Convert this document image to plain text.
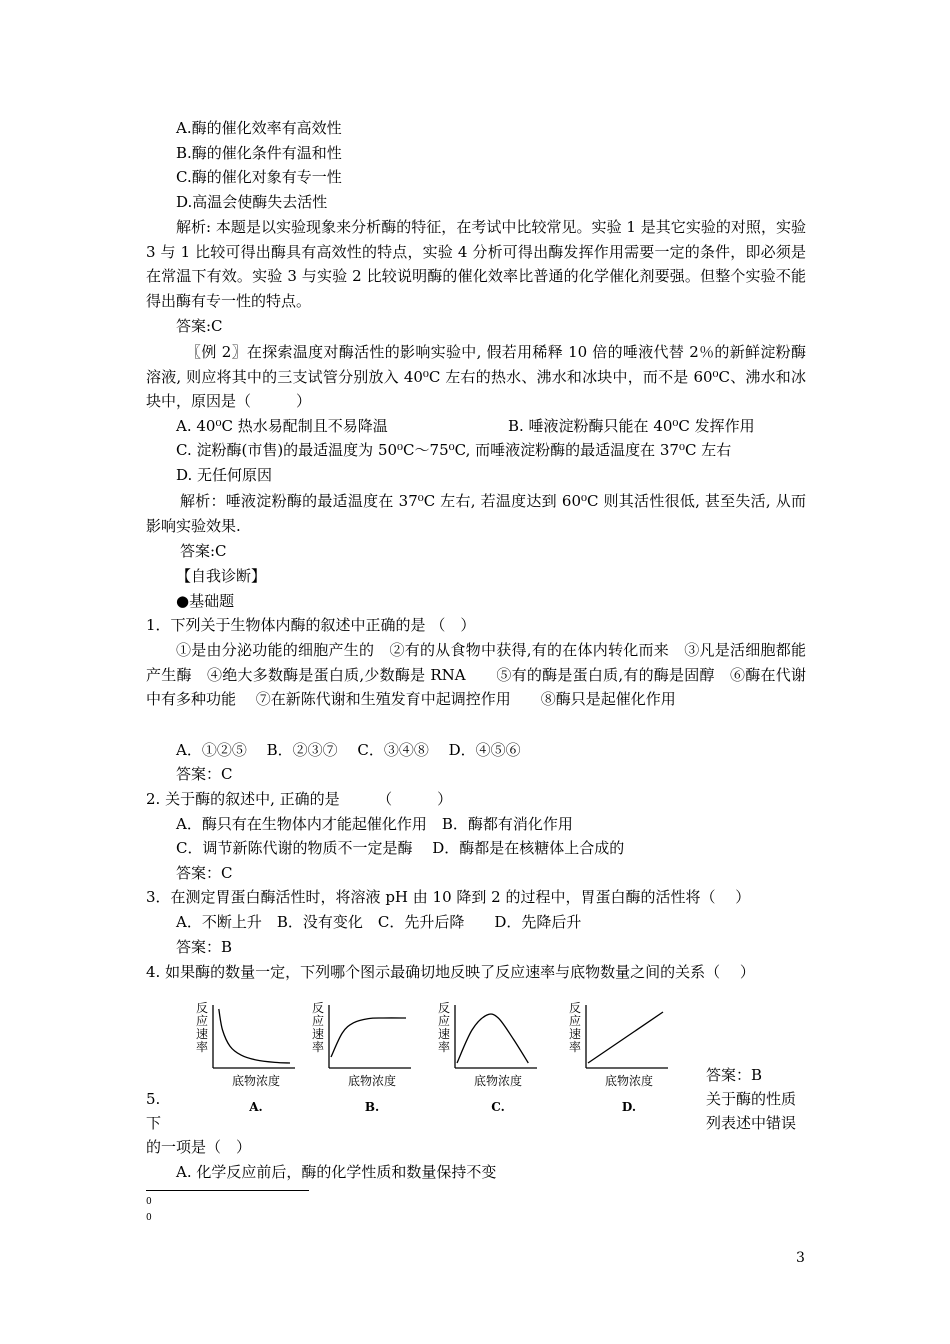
A.酶的催化效率有高效性
B.酶的催化条件有温和性
C.酶的催化对象有专一性
D.高温会使酶失去活性
解析: 本题是以实验现象来分析酶的特征，在考试中比较常见。实验 1 是其它实验的对照，实验 3 与 1 比较可得出酶具有高效性的特点，实验 4 分析可得出酶发挥作用需要一定的条件，即必须是在常温下有效。实验 3 与实验 2 比较说明酶的催化效率比普通的化学催化剂要强。但整个实验不能得出酶有专一性的特点。
答案:C
〖例 2〗在探索温度对酶活性的影响实验中, 假若用稀释 10 倍的唾液代替 2％的新鲜淀粉酶溶液, 则应将其中的三支试管分别放入 40⁰C 左右的热水、沸水和冰块中，而不是 60⁰C、沸水和冰块中，原因是（　　　）
A. 40⁰C 热水易配制且不易降温	B. 唾液淀粉酶只能在 40⁰C 发挥作用
C. 淀粉酶(市售)的最适温度为 50⁰C～75⁰C, 而唾液淀粉酶的最适温度在 37⁰C 左右
D. 无任何原因
解析：唾液淀粉酶的最适温度在 37⁰C 左右, 若温度达到 60⁰C 则其活性很低, 甚至失活, 从而影响实验效果.
答案:C
【自我诊断】
●基础题
1．下列关于生物体内酶的叙述中正确的是 （　）
①是由分泌功能的细胞产生的　②有的从食物中获得,有的在体内转化而来　③凡是活细胞都能产生酶　④绝大多数酶是蛋白质,少数酶是 RNA　　⑤有的酶是蛋白质,有的酶是固醇　⑥酶在代谢中有多种功能　 ⑦在新陈代谢和生殖发育中起调控作用　　⑧酶只是起催化作用
A．①②⑤　 B．②③⑦　 C．③④⑧　 D．④⑤⑥
答案：C
2. 关于酶的叙述中, 正确的是　　　（　　　）
A．酶只有在生物体内才能起催化作用　B．酶都有消化作用
C．调节新陈代谢的物质不一定是酶　 D．酶都是在核糖体上合成的
答案：C
3．在测定胃蛋白酶活性时，将溶液 pH 由 10 降到 2 的过程中，胃蛋白酶的活性将（　 ）
A．不断上升　B．没有变化　C．先升后降　　D．先降后升
答案：B
4. 如果酶的数量一定，下列哪个图示最确切地反映了反应速率与底物数量之间的关系（　 ）
反
应
速
率
底物浓度
A.
反
应
速
率
底物浓度
B.
反
应
速
率
底物浓度
C.
反
应
速
率
底物浓度
D.
答案：B
关于酶的性质
列表述中错误
5.
下
的一项是（　）
A. 化学反应前后，酶的化学性质和数量保持不变
0
0
3
